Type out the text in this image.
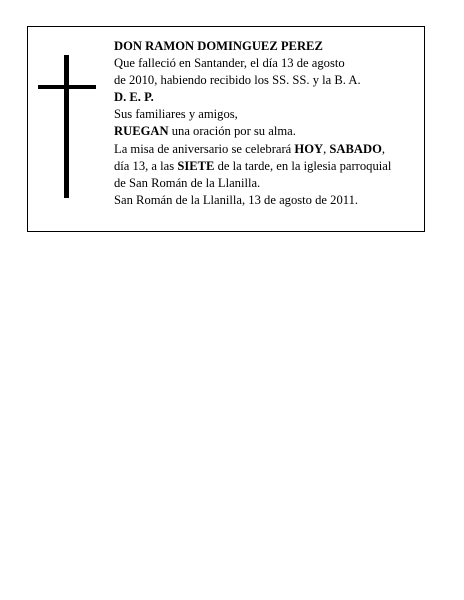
DON RAMON DOMINGUEZ PEREZ
Que falleció en Santander, el día 13 de agosto
de 2010, habiendo recibido los SS. SS. y la B. A.
D. E. P.
Sus familiares y amigos,
RUEGAN una oración por su alma.
La misa de aniversario se celebrará HOY, SABADO,
día 13, a las SIETE de la tarde, en la iglesia parroquial
de San Román de la Llanilla.
San Román de la Llanilla, 13 de agosto de 2011.
